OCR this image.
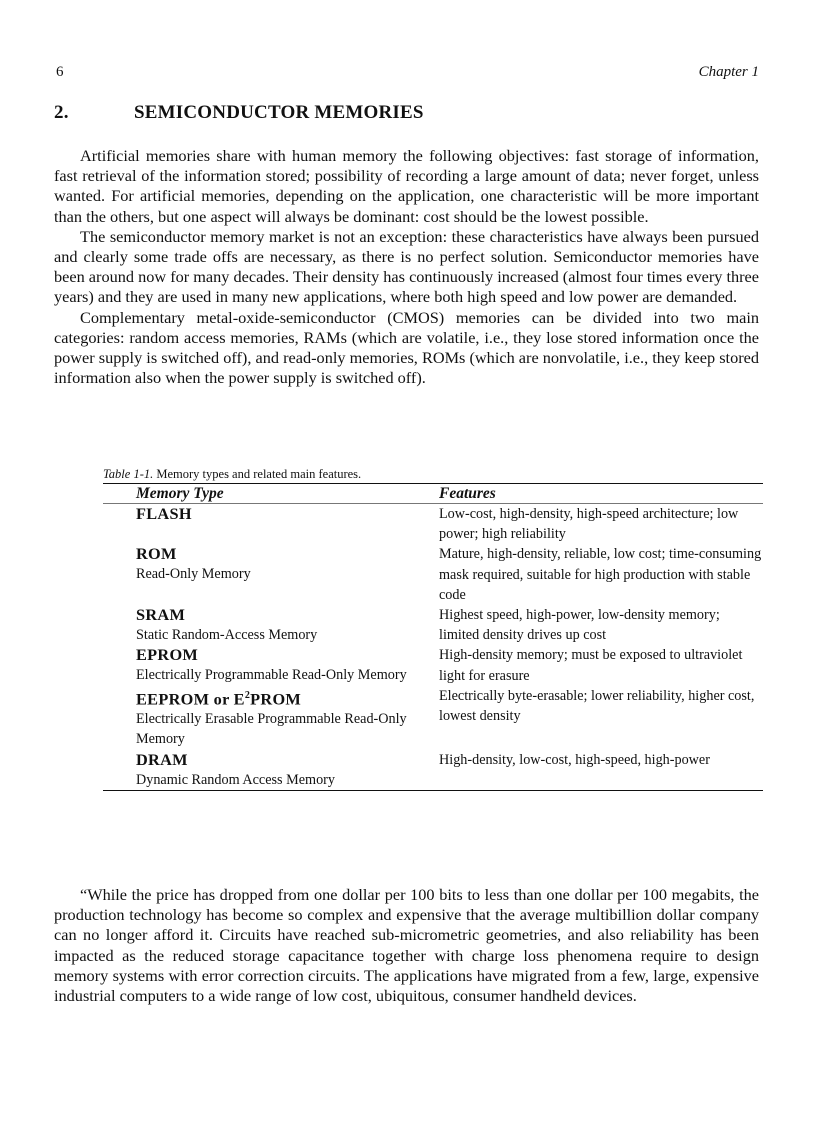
6	Chapter 1
2.	SEMICONDUCTOR MEMORIES

Artificial memories share with human memory the following objectives: fast storage of information, fast retrieval of the information stored; possibility of recording a large amount of data; never forget, unless wanted. For artificial memories, depending on the application, one characteristic will be more important than the others, but one aspect will always be dominant: cost should be the lowest possible.

The semiconductor memory market is not an exception: these characteristics have always been pursued and clearly some trade offs are necessary, as there is no perfect solution. Semiconductor memories have been around now for many decades. Their density has continuously increased (almost four times every three years) and they are used in many new applications, where both high speed and low power are demanded.

Complementary metal-oxide-semiconductor (CMOS) memories can be divided into two main categories: random access memories, RAMs (which are volatile, i.e., they lose stored information once the power supply is switched off), and read-only memories, ROMs (which are nonvolatile, i.e., they keep stored information also when the power supply is switched off).

Table 1-1. Memory types and related main features.
Memory Type	Features

FLASH	Low-cost, high-density, high-speed architecture; low power; high reliability

ROM
Read-Only Memory	Mature, high-density, reliable, low cost; time-consuming mask required, suitable for high production with stable code

SRAM
Static Random-Access Memory	Highest speed, high-power, low-density memory; limited density drives up cost

EPROM
Electrically Programmable Read-Only Memory	High-density memory; must be exposed to ultraviolet light for erasure

EEPROM or $E^2PROM$
Electrically Erasable Programmable Read-Only Memory	Electrically byte-erasable; lower reliability, higher cost, lowest density

DRAM
Dynamic Random Access Memory	High-density, low-cost, high-speed, high-power

“While the price has dropped from one dollar per 100 bits to less than one dollar per 100 megabits, the production technology has become so complex and expensive that the average multibillion dollar company can no longer afford it. Circuits have reached sub-micrometric geometries, and also reliability has been impacted as the reduced storage capacitance together with charge loss phenomena require to design memory systems with error correction circuits. The applications have migrated from a few, large, expensive industrial computers to a wide range of low cost, ubiquitous, consumer handheld devices.
